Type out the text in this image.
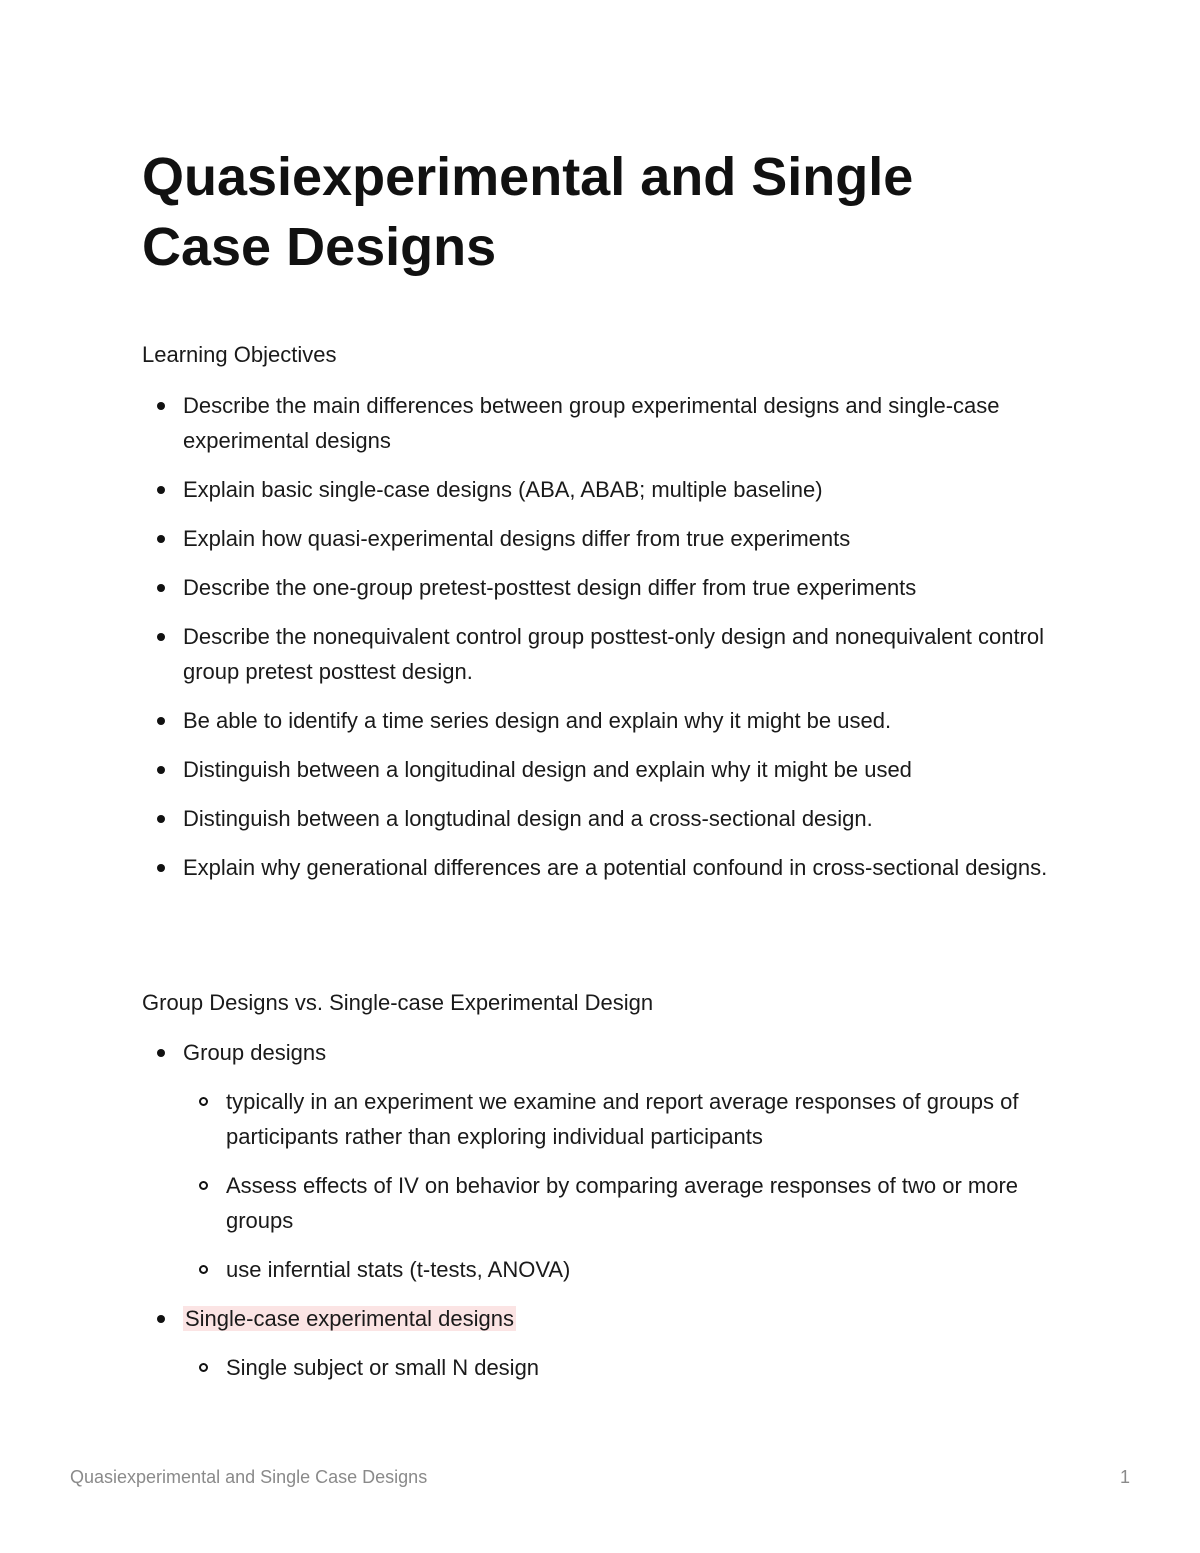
Quasiexperimental and Single Case Designs
Learning Objectives
Describe the main differences between group experimental designs and single-case experimental designs
Explain basic single-case designs (ABA, ABAB; multiple baseline)
Explain how quasi-experimental designs differ from true experiments
Describe the one-group pretest-posttest design differ from true experiments
Describe the nonequivalent control group posttest-only design and nonequivalent control group pretest posttest design.
Be able to identify a time series design and explain why it might be used.
Distinguish between a longitudinal design and explain why it might be used
Distinguish between a longtudinal design and a cross-sectional design.
Explain why generational differences are a potential confound in cross-sectional designs.
Group Designs vs. Single-case Experimental Design
Group designs
typically in an experiment we examine and report average responses of groups of participants rather than exploring individual participants
Assess effects of IV on behavior by comparing average responses of two or more groups
use inferntial stats (t-tests, ANOVA)
Single-case experimental designs
Single subject or small N design
Quasiexperimental and Single Case Designs	1
